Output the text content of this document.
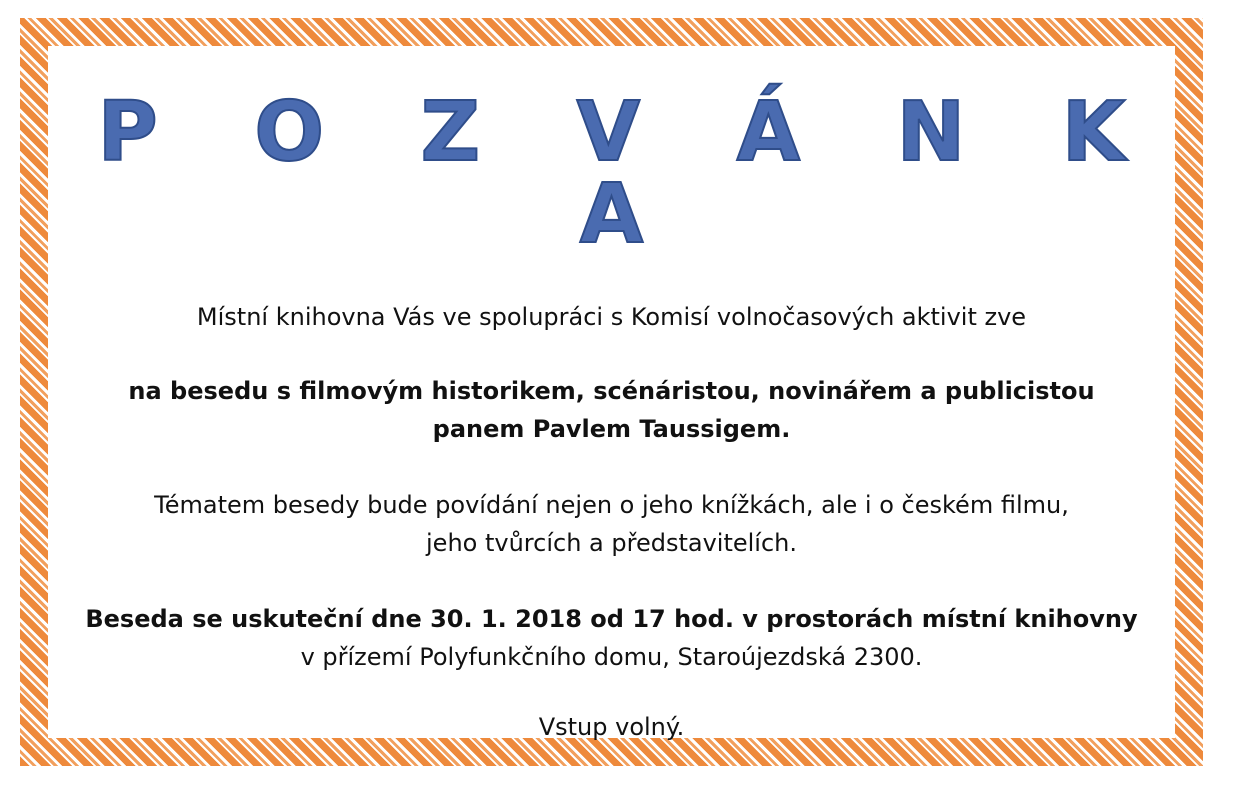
P O Z V Á N K A

Místní knihovna Vás ve spolupráci s Komisí volnočasových aktivit zve

na besedu s filmovým historikem, scénáristou, novinářem a publicistou

panem Pavlem Taussigem.

Tématem besedy bude povídání nejen o jeho knížkách, ale i o českém filmu,

jeho tvůrcích a představitelích.

Beseda se uskuteční dne 30. 1. 2018 od 17 hod. v prostorách místní knihovny

v přízemí Polyfunkčního domu, Staroújezdská 2300.

Vstup volný.
